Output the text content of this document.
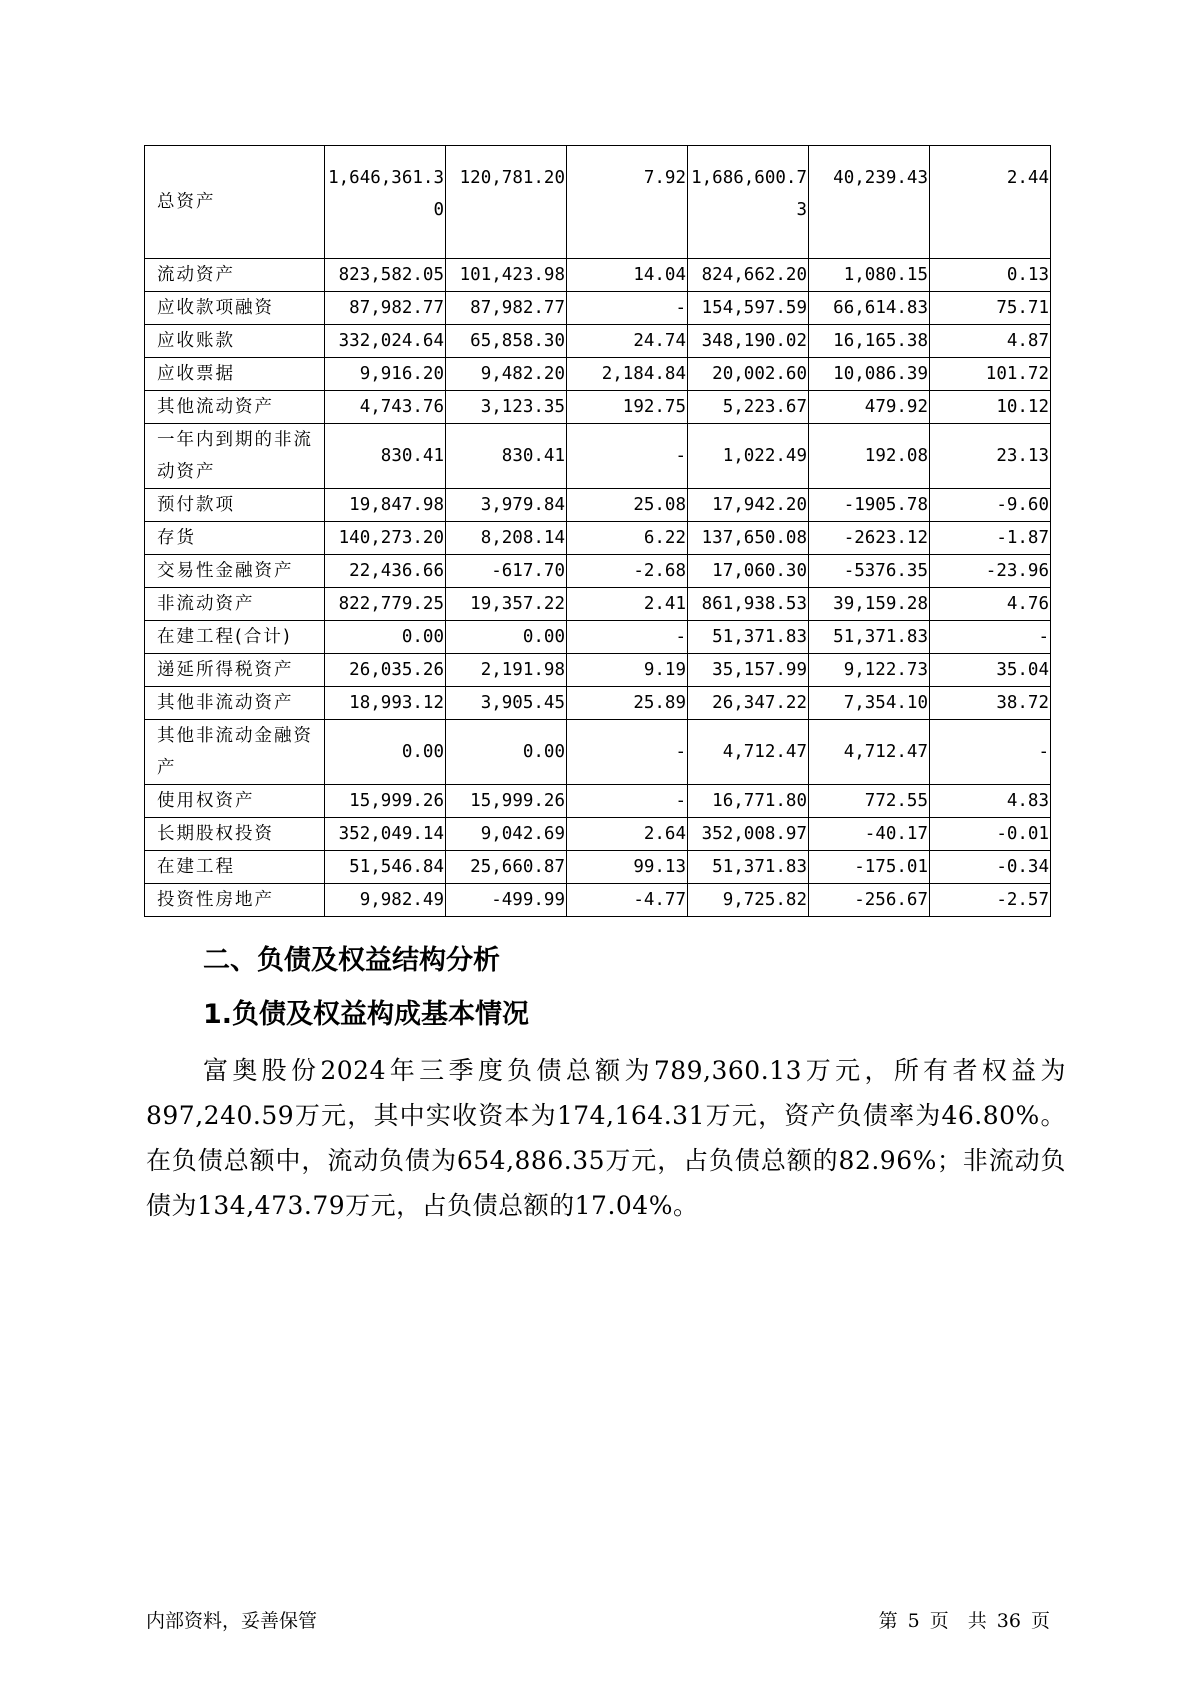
总资产	1,646,361.30	120,781.20	7.92	1,686,600.73	40,239.43	2.44
流动资产	823,582.05	101,423.98	14.04	824,662.20	1,080.15	0.13
应收款项融资	87,982.77	87,982.77	-	154,597.59	66,614.83	75.71
应收账款	332,024.64	65,858.30	24.74	348,190.02	16,165.38	4.87
应收票据	9,916.20	9,482.20	2,184.84	20,002.60	10,086.39	101.72
其他流动资产	4,743.76	3,123.35	192.75	5,223.67	479.92	10.12
一年内到期的非流动资产	830.41	830.41	-	1,022.49	192.08	23.13
预付款项	19,847.98	3,979.84	25.08	17,942.20	-1905.78	-9.60
存货	140,273.20	8,208.14	6.22	137,650.08	-2623.12	-1.87
交易性金融资产	22,436.66	-617.70	-2.68	17,060.30	-5376.35	-23.96
非流动资产	822,779.25	19,357.22	2.41	861,938.53	39,159.28	4.76
在建工程(合计)	0.00	0.00	-	51,371.83	51,371.83	-
递延所得税资产	26,035.26	2,191.98	9.19	35,157.99	9,122.73	35.04
其他非流动资产	18,993.12	3,905.45	25.89	26,347.22	7,354.10	38.72
其他非流动金融资产	0.00	0.00	-	4,712.47	4,712.47	-
使用权资产	15,999.26	15,999.26	-	16,771.80	772.55	4.83
长期股权投资	352,049.14	9,042.69	2.64	352,008.97	-40.17	-0.01
在建工程	51,546.84	25,660.87	99.13	51,371.83	-175.01	-0.34
投资性房地产	9,982.49	-499.99	-4.77	9,725.82	-256.67	-2.57
二、负债及权益结构分析
1.负债及权益构成基本情况

富奥股份2024年三季度负债总额为789,360.13万元，所有者权益为897,240.59万元，其中实收资本为174,164.31万元，资产负债率为46.80%。在负债总额中，流动负债为654,886.35万元，占负债总额的82.96%；非流动负债为134,473.79万元，占负债总额的17.04%。

内部资料，妥善保管	第 5 页　共 36 页
